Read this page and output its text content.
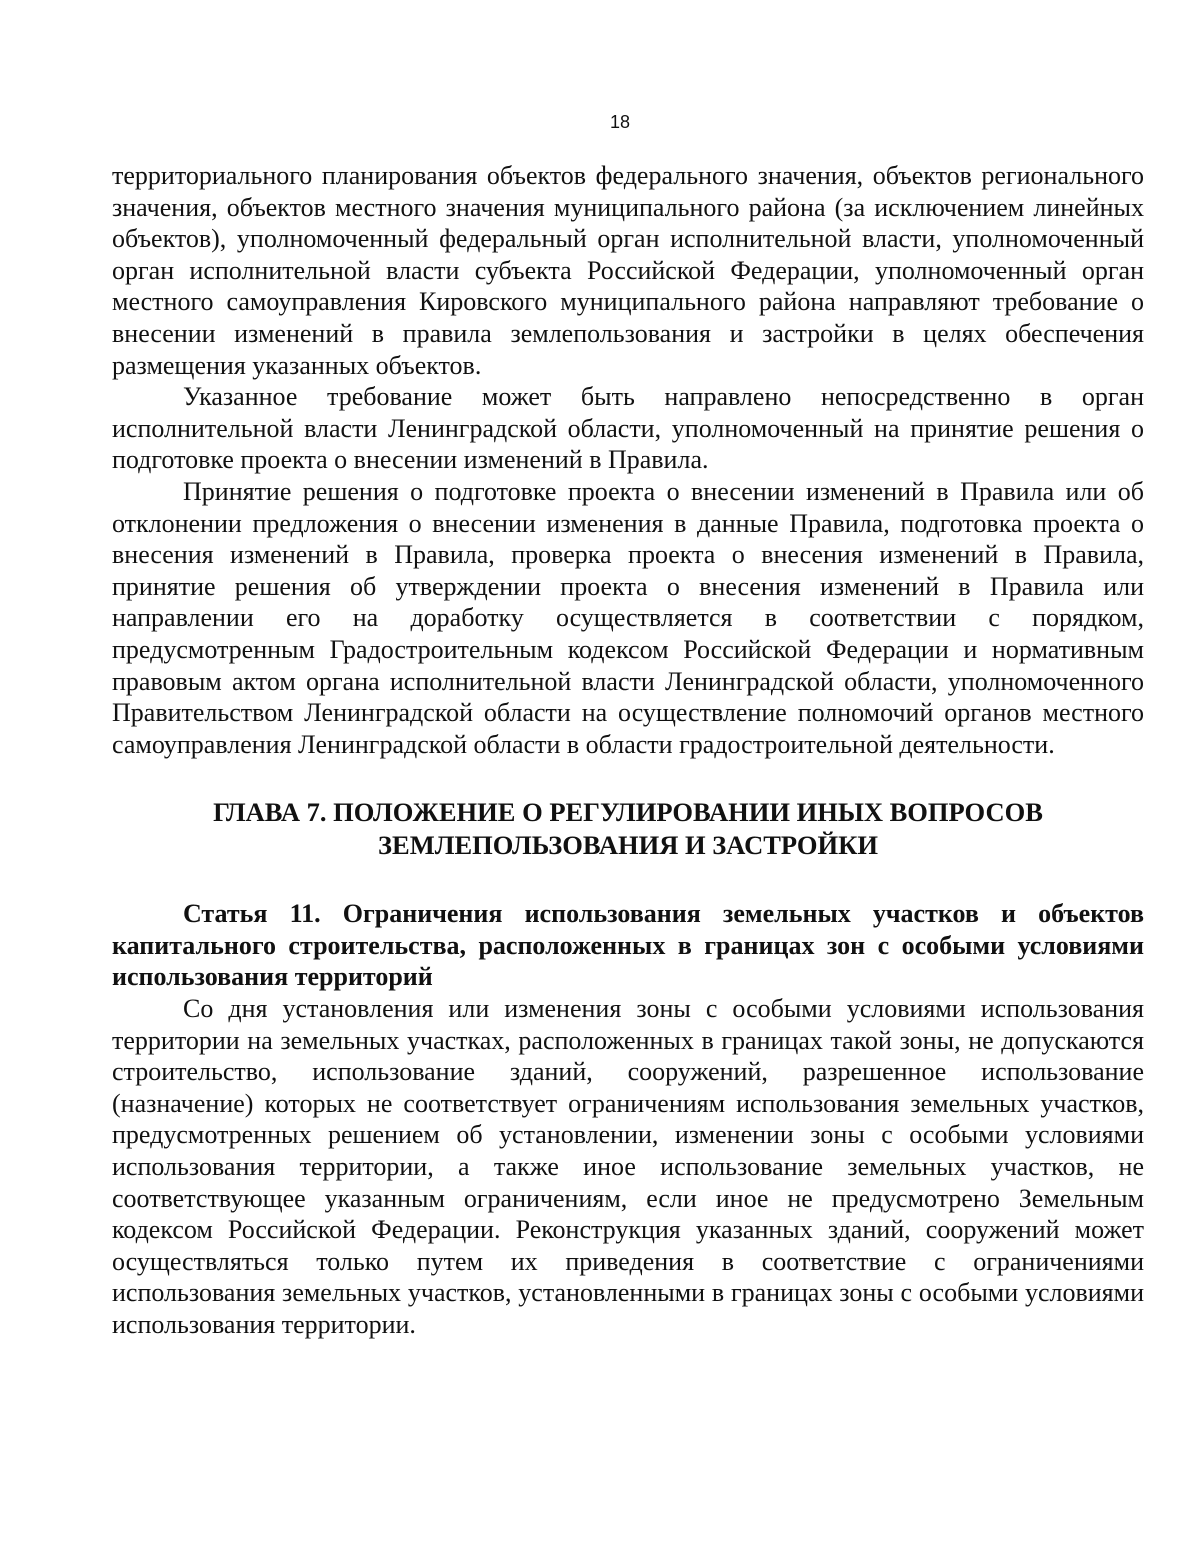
18

территориального планирования объектов федерального значения, объектов регионального значения, объектов местного значения муниципального района (за исключением линейных объектов), уполномоченный федеральный орган исполнительной власти, уполномоченный орган исполнительной власти субъекта Российской Федерации, уполномоченный орган местного самоуправления Кировского муниципального района направляют требование о внесении изменений в правила землепользования и застройки в целях обеспечения размещения указанных объектов.

Указанное требование может быть направлено непосредственно в орган исполнительной власти Ленинградской области, уполномоченный на принятие решения о подготовке проекта о внесении изменений в Правила.

Принятие решения о подготовке проекта о внесении изменений в Правила или об отклонении предложения о внесении изменения в данные Правила, подготовка проекта о внесения изменений в Правила, проверка проекта о внесения изменений в Правила, принятие решения об утверждении проекта о внесения изменений в Правила или направлении его на доработку осуществляется в соответствии с порядком, предусмотренным Градостроительным кодексом Российской Федерации и нормативным правовым актом органа исполнительной власти Ленинградской области, уполномоченного Правительством Ленинградской области на осуществление полномочий органов местного самоуправления Ленинградской области в области градостроительной деятельности.

ГЛАВА 7. ПОЛОЖЕНИЕ О РЕГУЛИРОВАНИИ ИНЫХ ВОПРОСОВ
ЗЕМЛЕПОЛЬЗОВАНИЯ И ЗАСТРОЙКИ
Статья 11. Ограничения использования земельных участков и объектов капитального строительства, расположенных в границах зон с особыми условиями использования территорий

Со дня установления или изменения зоны с особыми условиями использования территории на земельных участках, расположенных в границах такой зоны, не допускаются строительство, использование зданий, сооружений, разрешенное использование (назначение) которых не соответствует ограничениям использования земельных участков, предусмотренных решением об установлении, изменении зоны с особыми условиями использования территории, а также иное использование земельных участков, не соответствующее указанным ограничениям, если иное не предусмотрено Земельным кодексом Российской Федерации. Реконструкция указанных зданий, сооружений может осуществляться только путем их приведения в соответствие с ограничениями использования земельных участков, установленными в границах зоны с особыми условиями использования территории.
